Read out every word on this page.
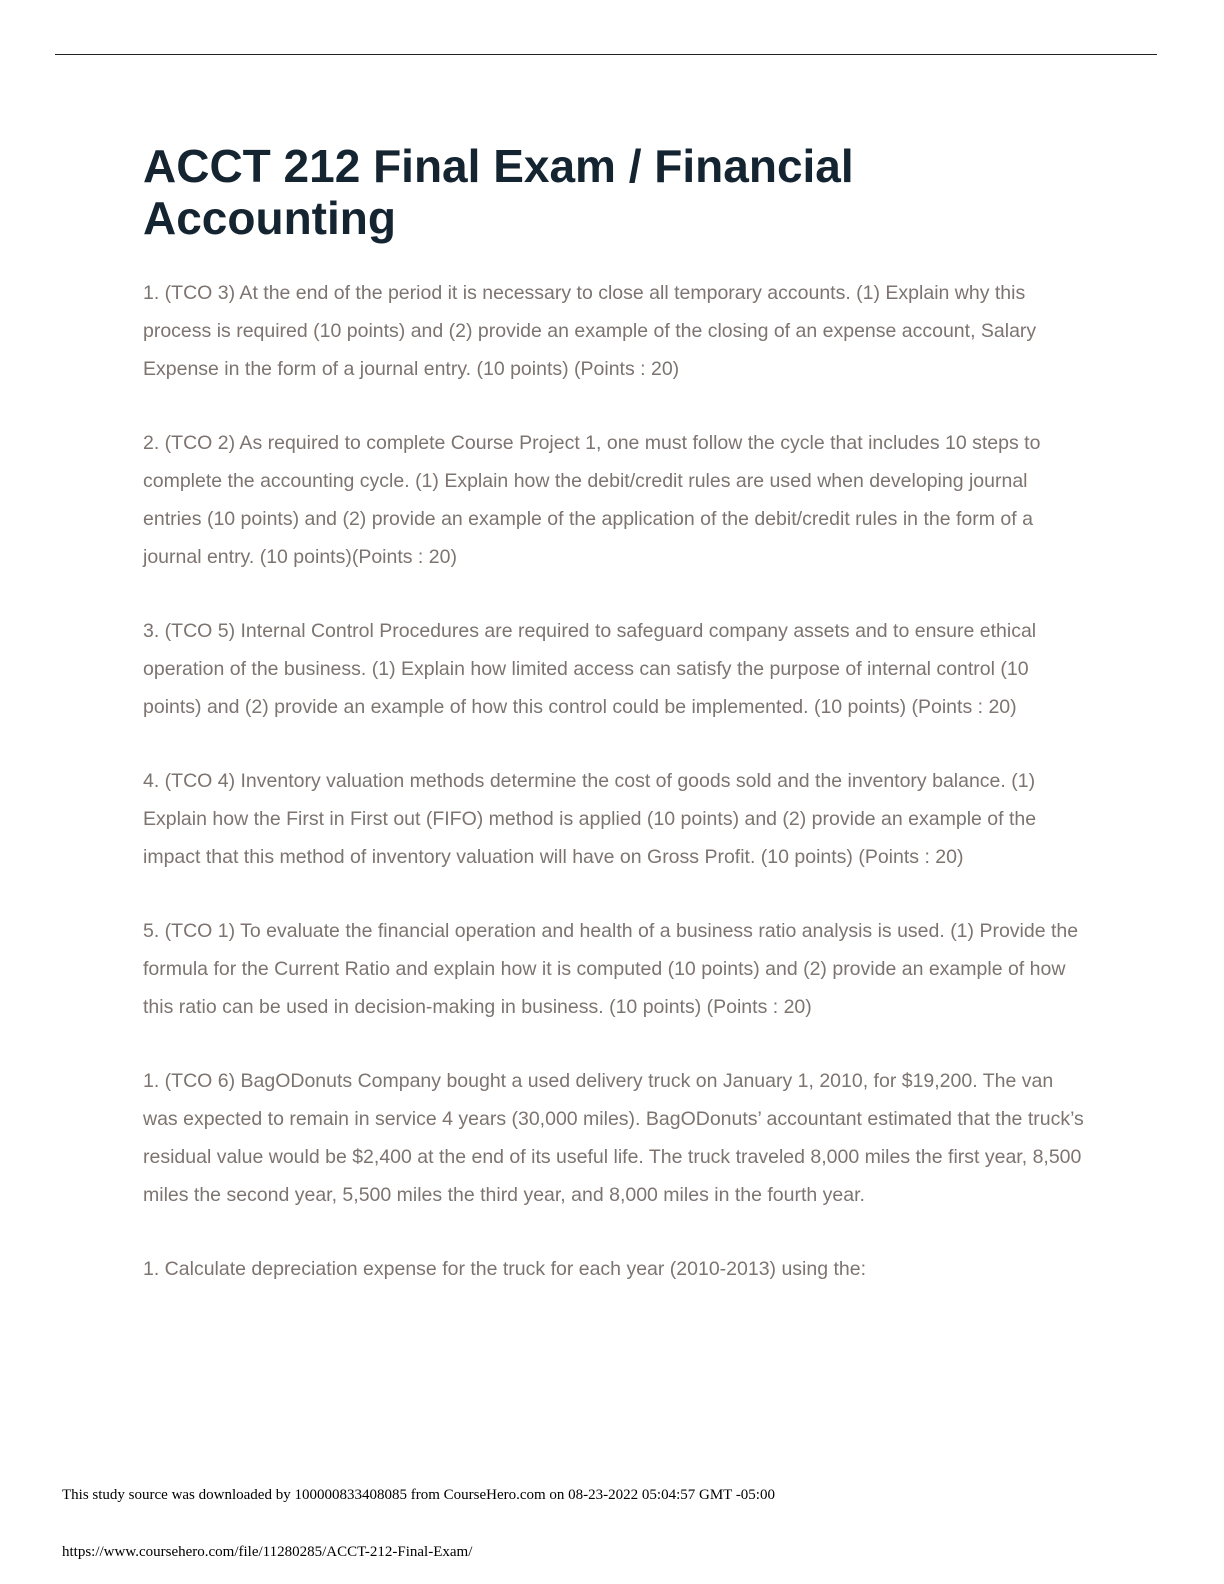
ACCT 212 Final Exam / Financial Accounting

1. (TCO 3) At the end of the period it is necessary to close all temporary accounts. (1) Explain why this process is required (10 points) and (2) provide an example of the closing of an expense account, Salary Expense in the form of a journal entry. (10 points) (Points : 20)

2. (TCO 2) As required to complete Course Project 1, one must follow the cycle that includes 10 steps to complete the accounting cycle. (1) Explain how the debit/credit rules are used when developing journal entries (10 points) and (2) provide an example of the application of the debit/credit rules in the form of a journal entry. (10 points)(Points : 20)

3. (TCO 5) Internal Control Procedures are required to safeguard company assets and to ensure ethical operation of the business. (1) Explain how limited access can satisfy the purpose of internal control (10 points) and (2) provide an example of how this control could be implemented. (10 points) (Points : 20)

4. (TCO 4) Inventory valuation methods determine the cost of goods sold and the inventory balance. (1) Explain how the First in First out (FIFO) method is applied (10 points) and (2) provide an example of the impact that this method of inventory valuation will have on Gross Profit. (10 points) (Points : 20)

5. (TCO 1) To evaluate the financial operation and health of a business ratio analysis is used. (1) Provide the formula for the Current Ratio and explain how it is computed (10 points) and (2) provide an example of how this ratio can be used in decision-making in business. (10 points) (Points : 20)

1. (TCO 6) BagODonuts Company bought a used delivery truck on January 1, 2010, for $19,200. The van was expected to remain in service 4 years (30,000 miles). BagODonuts’ accountant estimated that the truck’s residual value would be $2,400 at the end of its useful life. The truck traveled 8,000 miles the first year, 8,500 miles the second year, 5,500 miles the third year, and 8,000 miles in the fourth year.

1. Calculate depreciation expense for the truck for each year (2010-2013) using the:

This study source was downloaded by 100000833408085 from CourseHero.com on 08-23-2022 05:04:57 GMT -05:00
https://www.coursehero.com/file/11280285/ACCT-212-Final-Exam/
